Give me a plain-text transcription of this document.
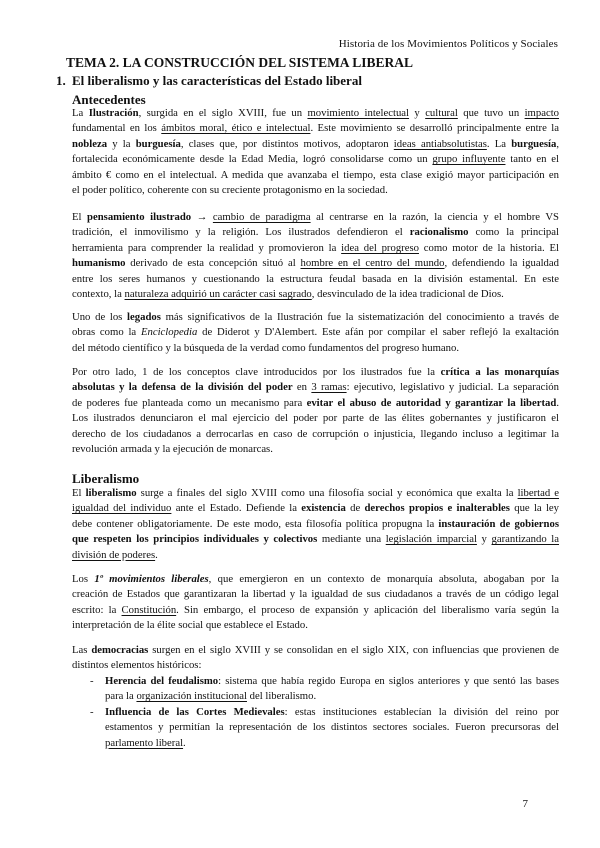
Historia de los Movimientos Políticos y Sociales
TEMA 2. LA CONSTRUCCIÓN DEL SISTEMA LIBERAL
1. El liberalismo y las características del Estado liberal
Antecedentes

La Ilustración, surgida en el siglo XVIII, fue un movimiento intelectual y cultural que tuvo un impacto
fundamental en los ámbitos moral, ético e intelectual. Este movimiento se desarrolló principalmente entre la
nobleza y la burguesía, clases que, por distintos motivos, adoptaron ideas antiabsolutistas. La burguesía,
fortalecida económicamente desde la Edad Media, logró consolidarse como un grupo influyente tanto en el
ámbito € como en el intelectual. A medida que avanzaba el tiempo, esta clase exigió mayor participación en
el poder político, coherente con su creciente protagonismo en la sociedad.

El pensamiento ilustrado → cambio de paradigma al centrarse en la razón, la ciencia y el hombre VS
tradición, el inmovilismo y la religión. Los ilustrados defendieron el racionalismo como la principal
herramienta para comprender la realidad y promovieron la idea del progreso como motor de la historia. El
humanismo derivado de esta concepción situó al hombre en el centro del mundo, defendiendo la igualdad
entre los seres humanos y cuestionando la estructura feudal basada en la división estamental. En este
contexto, la naturaleza adquirió un carácter casi sagrado, desvinculado de la idea tradicional de Dios.

Uno de los legados más significativos de la Ilustración fue la sistematización del conocimiento a través de
obras como la Enciclopedia de Diderot y D'Alembert. Este afán por compilar el saber reflejó la exaltación
del método científico y la búsqueda de la verdad como fundamentos del progreso humano.

Por otro lado, 1 de los conceptos clave introducidos por los ilustrados fue la crítica a las monarquías
absolutas y la defensa de la división del poder en 3 ramas: ejecutivo, legislativo y judicial. La separación
de poderes fue planteada como un mecanismo para evitar el abuso de autoridad y garantizar la libertad.
Los ilustrados denunciaron el mal ejercicio del poder por parte de las élites gobernantes y justificaron el
derecho de los ciudadanos a derrocarlas en caso de corrupción o injusticia, llegando incluso a legitimar la
revolución armada y la ejecución de monarcas.

Liberalismo

El liberalismo surge a finales del siglo XVIII como una filosofía social y económica que exalta la libertad e
igualdad del individuo ante el Estado. Defiende la existencia de derechos propios e inalterables que la ley
debe contener obligatoriamente. De este modo, esta filosofía política propugna la instauración de gobiernos
que respeten los principios individuales y colectivos mediante una legislación imparcial y garantizando la
división de poderes.

Los 1º movimientos liberales, que emergieron en un contexto de monarquía absoluta, abogaban por la
creación de Estados que garantizaran la libertad y la igualdad de sus ciudadanos a través de un código legal
escrito: la Constitución. Sin embargo, el proceso de expansión y aplicación del liberalismo varía según la
interpretación de la élite social que establece el Estado.

Las democracias surgen en el siglo XVIII y se consolidan en el siglo XIX, con influencias que provienen de
distintos elementos históricos:

- Herencia del feudalismo: sistema que había regido Europa en siglos anteriores y que sentó las bases
para la organización institucional del liberalismo.
- Influencia de las Cortes Medievales: estas instituciones establecían la división del reino por
estamentos y permitían la representación de los distintos sectores sociales. Fueron precursoras del
parlamento liberal.
7
